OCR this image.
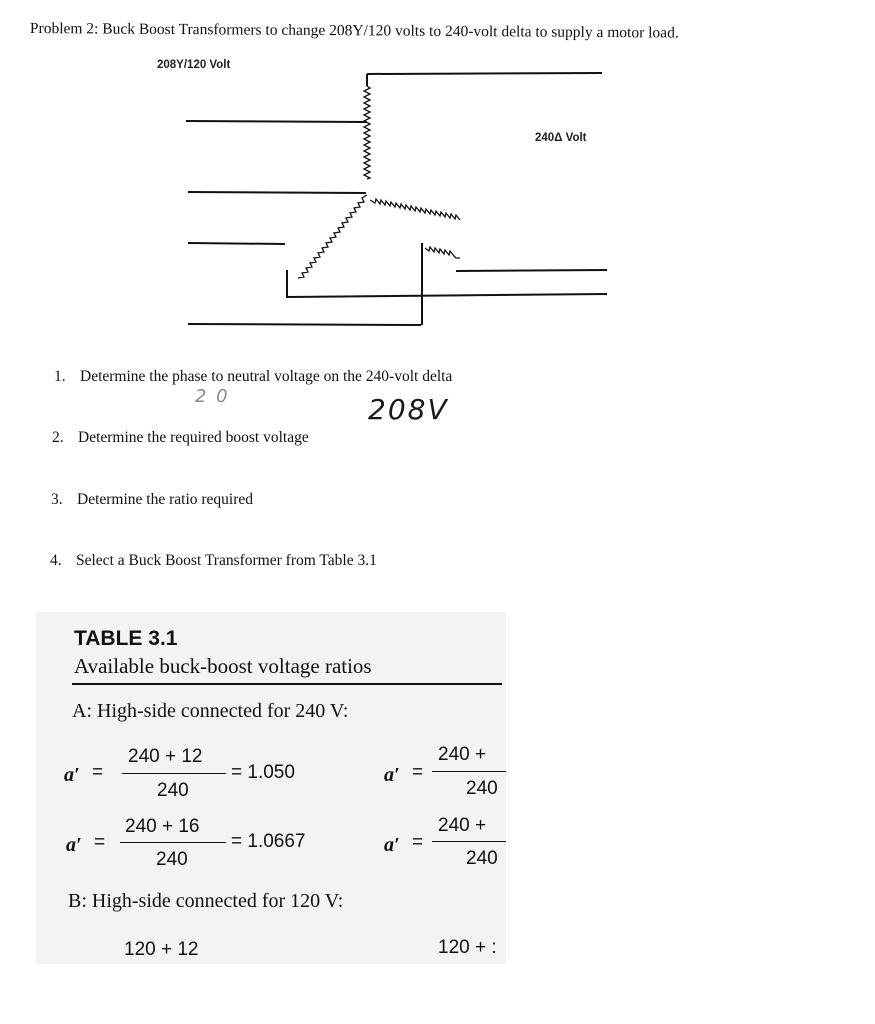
Problem 2: Buck Boost Transformers to change 208Y/120 volts to 240-volt delta to supply a motor load.
208Y/120 Volt
240Δ Volt
1. Determine the phase to neutral voltage on the 240-volt delta
2 0	208V
2. Determine the required boost voltage
3. Determine the ratio required
4. Select a Buck Boost Transformer from Table 3.1
TABLE 3.1
Available buck-boost voltage ratios
A: High-side connected for 240 V:
a′ =
240 + 12
240
= 1.050	a′ =
240 +
240
a′ =
240 + 16
240
= 1.0667	a′ =
240 +
240
B: High-side connected for 120 V:
120 + 12	120 + :
